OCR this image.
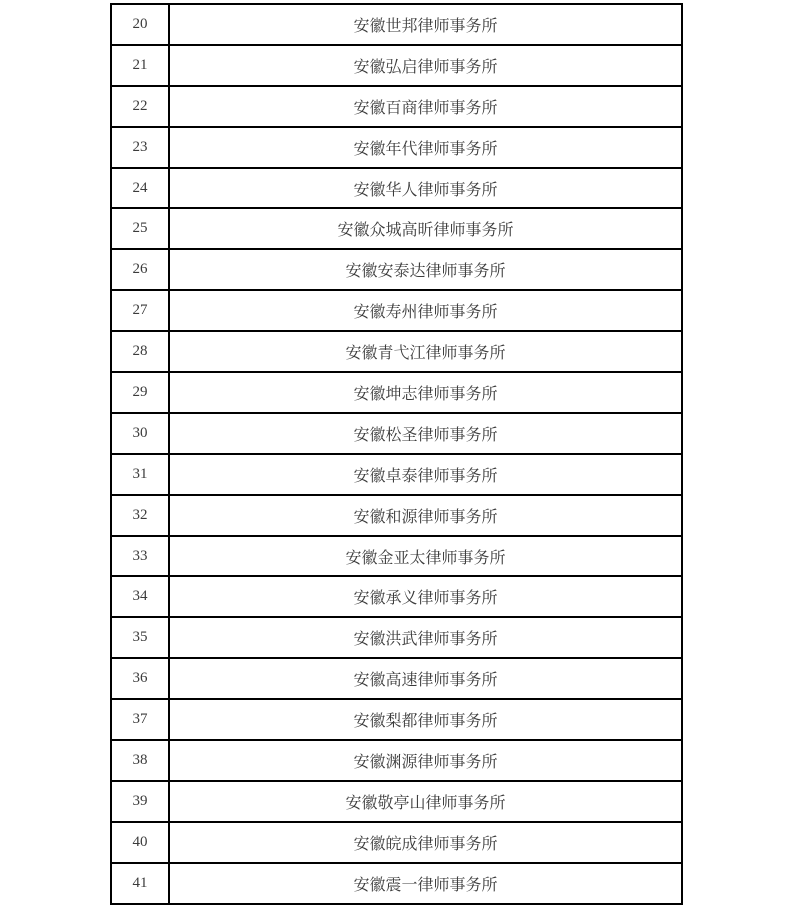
20	安徽世邦律师事务所
21	安徽弘启律师事务所
22	安徽百商律师事务所
23	安徽年代律师事务所
24	安徽华人律师事务所
25	安徽众城高昕律师事务所
26	安徽安泰达律师事务所
27	安徽寿州律师事务所
28	安徽青弋江律师事务所
29	安徽坤志律师事务所
30	安徽松圣律师事务所
31	安徽卓泰律师事务所
32	安徽和源律师事务所
33	安徽金亚太律师事务所
34	安徽承义律师事务所
35	安徽洪武律师事务所
36	安徽高速律师事务所
37	安徽梨都律师事务所
38	安徽渊源律师事务所
39	安徽敬亭山律师事务所
40	安徽皖成律师事务所
41	安徽震一律师事务所
